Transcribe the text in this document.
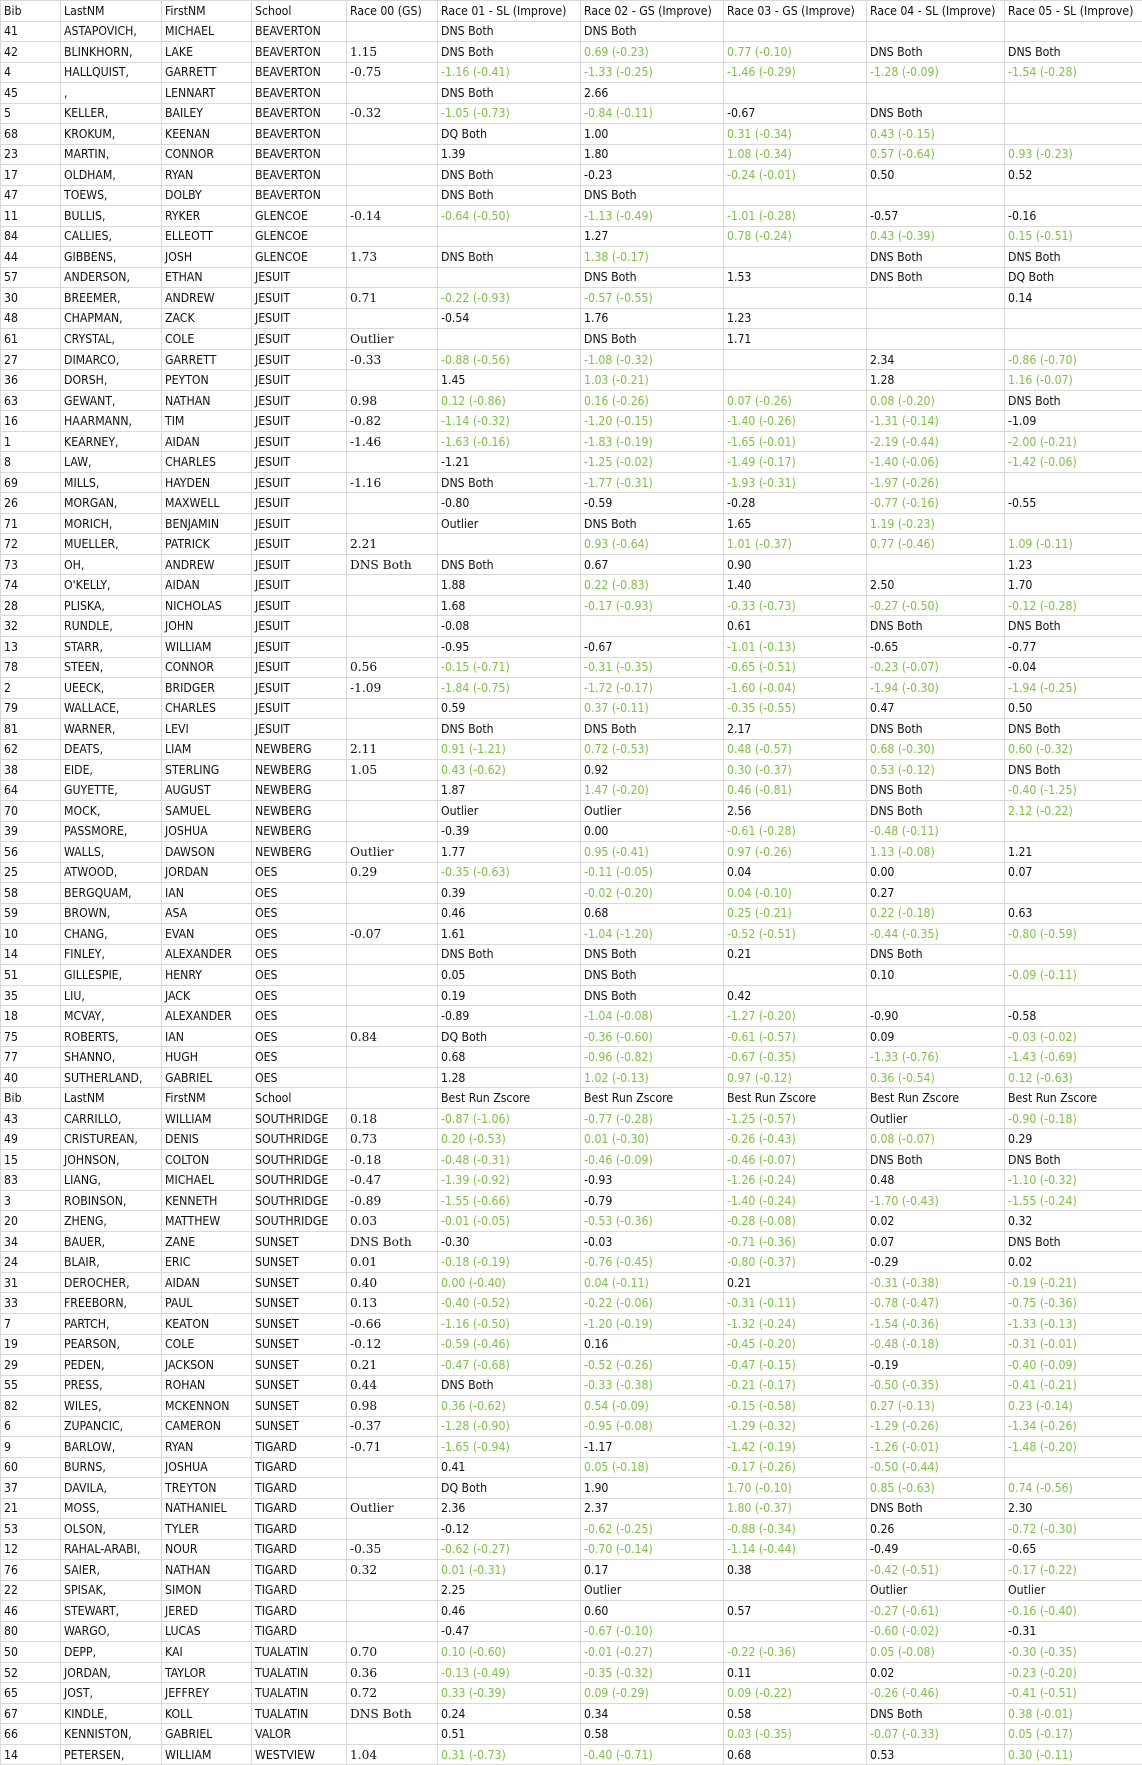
Bib	LastNM	FirstNM	School	Race 00 (GS)	Race 01 - SL (Improve)	Race 02 - GS (Improve)	Race 03 - GS (Improve)	Race 04 - SL (Improve)	Race 05 - SL (Improve)
41	ASTAPOVICH,	MICHAEL	BEAVERTON		DNS Both	DNS Both			
42	BLINKHORN,	LAKE	BEAVERTON	1.15	DNS Both	0.69 (-0.23)	0.77 (-0.10)	DNS Both	DNS Both
4	HALLQUIST,	GARRETT	BEAVERTON	-0.75	-1.16 (-0.41)	-1.33 (-0.25)	-1.46 (-0.29)	-1.28 (-0.09)	-1.54 (-0.28)
45	,	LENNART	BEAVERTON		DNS Both	2.66			
5	KELLER,	BAILEY	BEAVERTON	-0.32	-1.05 (-0.73)	-0.84 (-0.11)	-0.67	DNS Both	
68	KROKUM,	KEENAN	BEAVERTON		DQ Both	1.00	0.31 (-0.34)	0.43 (-0.15)	
23	MARTIN,	CONNOR	BEAVERTON		1.39	1.80	1.08 (-0.34)	0.57 (-0.64)	0.93 (-0.23)
17	OLDHAM,	RYAN	BEAVERTON		DNS Both	-0.23	-0.24 (-0.01)	0.50	0.52
47	TOEWS,	DOLBY	BEAVERTON		DNS Both	DNS Both			
11	BULLIS,	RYKER	GLENCOE	-0.14	-0.64 (-0.50)	-1.13 (-0.49)	-1.01 (-0.28)	-0.57	-0.16
84	CALLIES,	ELLEOTT	GLENCOE			1.27	0.78 (-0.24)	0.43 (-0.39)	0.15 (-0.51)
44	GIBBENS,	JOSH	GLENCOE	1.73	DNS Both	1.38 (-0.17)		DNS Both	DNS Both
57	ANDERSON,	ETHAN	JESUIT			DNS Both	1.53	DNS Both	DQ Both
30	BREEMER,	ANDREW	JESUIT	0.71	-0.22 (-0.93)	-0.57 (-0.55)			0.14
48	CHAPMAN,	ZACK	JESUIT		-0.54	1.76	1.23		
61	CRYSTAL,	COLE	JESUIT	Outlier		DNS Both	1.71		
27	DIMARCO,	GARRETT	JESUIT	-0.33	-0.88 (-0.56)	-1.08 (-0.32)		2.34	-0.86 (-0.70)
36	DORSH,	PEYTON	JESUIT		1.45	1.03 (-0.21)		1.28	1.16 (-0.07)
63	GEWANT,	NATHAN	JESUIT	0.98	0.12 (-0.86)	0.16 (-0.26)	0.07 (-0.26)	0.08 (-0.20)	DNS Both
16	HAARMANN,	TIM	JESUIT	-0.82	-1.14 (-0.32)	-1.20 (-0.15)	-1.40 (-0.26)	-1.31 (-0.14)	-1.09
1	KEARNEY,	AIDAN	JESUIT	-1.46	-1.63 (-0.16)	-1.83 (-0.19)	-1.65 (-0.01)	-2.19 (-0.44)	-2.00 (-0.21)
8	LAW,	CHARLES	JESUIT		-1.21	-1.25 (-0.02)	-1.49 (-0.17)	-1.40 (-0.06)	-1.42 (-0.06)
69	MILLS,	HAYDEN	JESUIT	-1.16	DNS Both	-1.77 (-0.31)	-1.93 (-0.31)	-1.97 (-0.26)	
26	MORGAN,	MAXWELL	JESUIT		-0.80	-0.59	-0.28	-0.77 (-0.16)	-0.55
71	MORICH,	BENJAMIN	JESUIT		Outlier	DNS Both	1.65	1.19 (-0.23)	
72	MUELLER,	PATRICK	JESUIT	2.21		0.93 (-0.64)	1.01 (-0.37)	0.77 (-0.46)	1.09 (-0.11)
73	OH,	ANDREW	JESUIT	DNS Both	DNS Both	0.67	0.90		1.23
74	O'KELLY,	AIDAN	JESUIT		1.88	0.22 (-0.83)	1.40	2.50	1.70
28	PLISKA,	NICHOLAS	JESUIT		1.68	-0.17 (-0.93)	-0.33 (-0.73)	-0.27 (-0.50)	-0.12 (-0.28)
32	RUNDLE,	JOHN	JESUIT		-0.08		0.61	DNS Both	DNS Both
13	STARR,	WILLIAM	JESUIT		-0.95	-0.67	-1.01 (-0.13)	-0.65	-0.77
78	STEEN,	CONNOR	JESUIT	0.56	-0.15 (-0.71)	-0.31 (-0.35)	-0.65 (-0.51)	-0.23 (-0.07)	-0.04
2	UEECK,	BRIDGER	JESUIT	-1.09	-1.84 (-0.75)	-1.72 (-0.17)	-1.60 (-0.04)	-1.94 (-0.30)	-1.94 (-0.25)
79	WALLACE,	CHARLES	JESUIT		0.59	0.37 (-0.11)	-0.35 (-0.55)	0.47	0.50
81	WARNER,	LEVI	JESUIT		DNS Both	DNS Both	2.17	DNS Both	DNS Both
62	DEATS,	LIAM	NEWBERG	2.11	0.91 (-1.21)	0.72 (-0.53)	0.48 (-0.57)	0.68 (-0.30)	0.60 (-0.32)
38	EIDE,	STERLING	NEWBERG	1.05	0.43 (-0.62)	0.92	0.30 (-0.37)	0.53 (-0.12)	DNS Both
64	GUYETTE,	AUGUST	NEWBERG		1.87	1.47 (-0.20)	0.46 (-0.81)	DNS Both	-0.40 (-1.25)
70	MOCK,	SAMUEL	NEWBERG		Outlier	Outlier	2.56	DNS Both	2.12 (-0.22)
39	PASSMORE,	JOSHUA	NEWBERG		-0.39	0.00	-0.61 (-0.28)	-0.48 (-0.11)	
56	WALLS,	DAWSON	NEWBERG	Outlier	1.77	0.95 (-0.41)	0.97 (-0.26)	1.13 (-0.08)	1.21
25	ATWOOD,	JORDAN	OES	0.29	-0.35 (-0.63)	-0.11 (-0.05)	0.04	0.00	0.07
58	BERGQUAM,	IAN	OES		0.39	-0.02 (-0.20)	0.04 (-0.10)	0.27	
59	BROWN,	ASA	OES		0.46	0.68	0.25 (-0.21)	0.22 (-0.18)	0.63
10	CHANG,	EVAN	OES	-0.07	1.61	-1.04 (-1.20)	-0.52 (-0.51)	-0.44 (-0.35)	-0.80 (-0.59)
14	FINLEY,	ALEXANDER	OES		DNS Both	DNS Both	0.21	DNS Both	
51	GILLESPIE,	HENRY	OES		0.05	DNS Both		0.10	-0.09 (-0.11)
35	LIU,	JACK	OES		0.19	DNS Both	0.42		
18	MCVAY,	ALEXANDER	OES		-0.89	-1.04 (-0.08)	-1.27 (-0.20)	-0.90	-0.58
75	ROBERTS,	IAN	OES	0.84	DQ Both	-0.36 (-0.60)	-0.61 (-0.57)	0.09	-0.03 (-0.02)
77	SHANNO,	HUGH	OES		0.68	-0.96 (-0.82)	-0.67 (-0.35)	-1.33 (-0.76)	-1.43 (-0.69)
40	SUTHERLAND,	GABRIEL	OES		1.28	1.02 (-0.13)	0.97 (-0.12)	0.36 (-0.54)	0.12 (-0.63)
Bib	LastNM	FirstNM	School		Best Run Zscore	Best Run Zscore	Best Run Zscore	Best Run Zscore	Best Run Zscore
43	CARRILLO,	WILLIAM	SOUTHRIDGE	0.18	-0.87 (-1.06)	-0.77 (-0.28)	-1.25 (-0.57)	Outlier	-0.90 (-0.18)
49	CRISTUREAN,	DENIS	SOUTHRIDGE	0.73	0.20 (-0.53)	0.01 (-0.30)	-0.26 (-0.43)	0.08 (-0.07)	0.29
15	JOHNSON,	COLTON	SOUTHRIDGE	-0.18	-0.48 (-0.31)	-0.46 (-0.09)	-0.46 (-0.07)	DNS Both	DNS Both
83	LIANG,	MICHAEL	SOUTHRIDGE	-0.47	-1.39 (-0.92)	-0.93	-1.26 (-0.24)	0.48	-1.10 (-0.32)
3	ROBINSON,	KENNETH	SOUTHRIDGE	-0.89	-1.55 (-0.66)	-0.79	-1.40 (-0.24)	-1.70 (-0.43)	-1.55 (-0.24)
20	ZHENG,	MATTHEW	SOUTHRIDGE	0.03	-0.01 (-0.05)	-0.53 (-0.36)	-0.28 (-0.08)	0.02	0.32
34	BAUER,	ZANE	SUNSET	DNS Both	-0.30	-0.03	-0.71 (-0.36)	0.07	DNS Both
24	BLAIR,	ERIC	SUNSET	0.01	-0.18 (-0.19)	-0.76 (-0.45)	-0.80 (-0.37)	-0.29	0.02
31	DEROCHER,	AIDAN	SUNSET	0.40	0.00 (-0.40)	0.04 (-0.11)	0.21	-0.31 (-0.38)	-0.19 (-0.21)
33	FREEBORN,	PAUL	SUNSET	0.13	-0.40 (-0.52)	-0.22 (-0.06)	-0.31 (-0.11)	-0.78 (-0.47)	-0.75 (-0.36)
7	PARTCH,	KEATON	SUNSET	-0.66	-1.16 (-0.50)	-1.20 (-0.19)	-1.32 (-0.24)	-1.54 (-0.36)	-1.33 (-0.13)
19	PEARSON,	COLE	SUNSET	-0.12	-0.59 (-0.46)	0.16	-0.45 (-0.20)	-0.48 (-0.18)	-0.31 (-0.01)
29	PEDEN,	JACKSON	SUNSET	0.21	-0.47 (-0.68)	-0.52 (-0.26)	-0.47 (-0.15)	-0.19	-0.40 (-0.09)
55	PRESS,	ROHAN	SUNSET	0.44	DNS Both	-0.33 (-0.38)	-0.21 (-0.17)	-0.50 (-0.35)	-0.41 (-0.21)
82	WILES,	MCKENNON	SUNSET	0.98	0.36 (-0.62)	0.54 (-0.09)	-0.15 (-0.58)	0.27 (-0.13)	0.23 (-0.14)
6	ZUPANCIC,	CAMERON	SUNSET	-0.37	-1.28 (-0.90)	-0.95 (-0.08)	-1.29 (-0.32)	-1.29 (-0.26)	-1.34 (-0.26)
9	BARLOW,	RYAN	TIGARD	-0.71	-1.65 (-0.94)	-1.17	-1.42 (-0.19)	-1.26 (-0.01)	-1.48 (-0.20)
60	BURNS,	JOSHUA	TIGARD		0.41	0.05 (-0.18)	-0.17 (-0.26)	-0.50 (-0.44)	
37	DAVILA,	TREYTON	TIGARD		DQ Both	1.90	1.70 (-0.10)	0.85 (-0.63)	0.74 (-0.56)
21	MOSS,	NATHANIEL	TIGARD	Outlier	2.36	2.37	1.80 (-0.37)	DNS Both	2.30
53	OLSON,	TYLER	TIGARD		-0.12	-0.62 (-0.25)	-0.88 (-0.34)	0.26	-0.72 (-0.30)
12	RAHAL-ARABI,	NOUR	TIGARD	-0.35	-0.62 (-0.27)	-0.70 (-0.14)	-1.14 (-0.44)	-0.49	-0.65
76	SAIER,	NATHAN	TIGARD	0.32	0.01 (-0.31)	0.17	0.38	-0.42 (-0.51)	-0.17 (-0.22)
22	SPISAK,	SIMON	TIGARD		2.25	Outlier		Outlier	Outlier
46	STEWART,	JERED	TIGARD		0.46	0.60	0.57	-0.27 (-0.61)	-0.16 (-0.40)
80	WARGO,	LUCAS	TIGARD		-0.47	-0.67 (-0.10)		-0.60 (-0.02)	-0.31
50	DEPP,	KAI	TUALATIN	0.70	0.10 (-0.60)	-0.01 (-0.27)	-0.22 (-0.36)	0.05 (-0.08)	-0.30 (-0.35)
52	JORDAN,	TAYLOR	TUALATIN	0.36	-0.13 (-0.49)	-0.35 (-0.32)	0.11	0.02	-0.23 (-0.20)
65	JOST,	JEFFREY	TUALATIN	0.72	0.33 (-0.39)	0.09 (-0.29)	0.09 (-0.22)	-0.26 (-0.46)	-0.41 (-0.51)
67	KINDLE,	KOLL	TUALATIN	DNS Both	0.24	0.34	0.58	DNS Both	0.38 (-0.01)
66	KENNISTON,	GABRIEL	VALOR		0.51	0.58	0.03 (-0.35)	-0.07 (-0.33)	0.05 (-0.17)
14	PETERSEN,	WILLIAM	WESTVIEW	1.04	0.31 (-0.73)	-0.40 (-0.71)	0.68	0.53	0.30 (-0.11)
